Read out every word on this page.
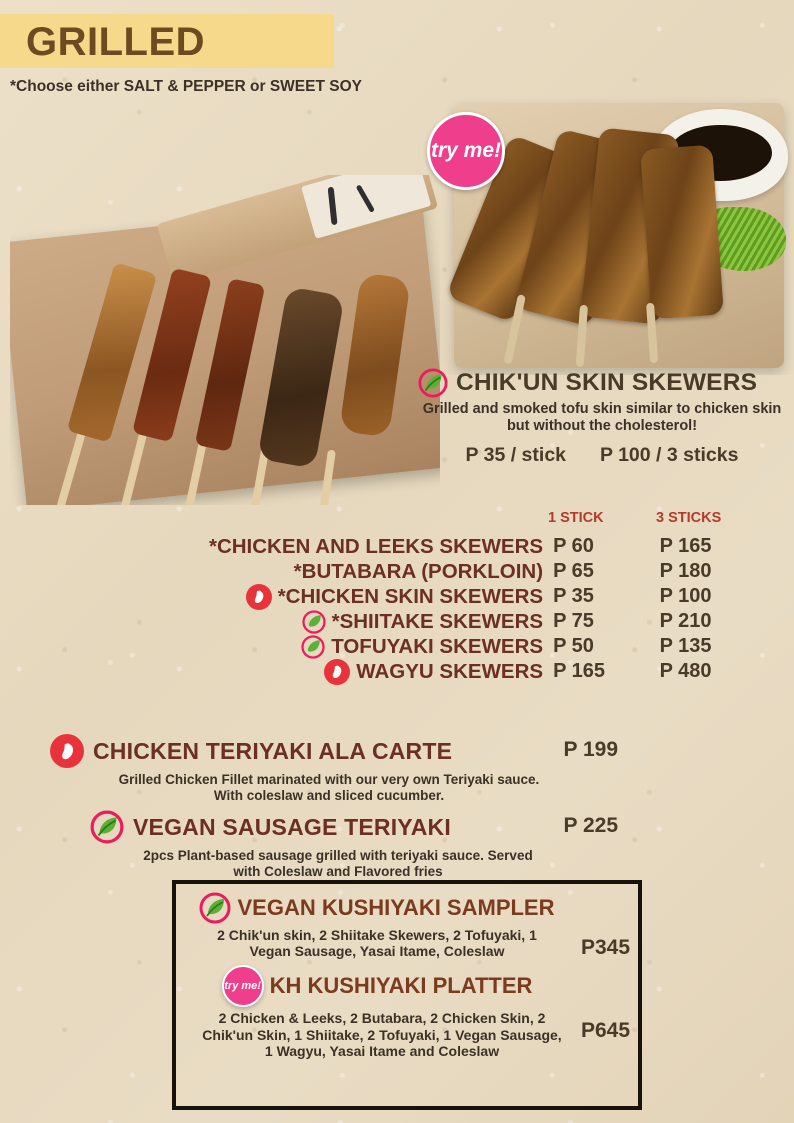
GRILLED
*Choose either SALT & PEPPER or SWEET SOY
try me!
CHIK'UN SKIN SKEWERS
Grilled and smoked tofu skin similar to chicken skin but without the cholesterol!
P 35 / stick P 100 / 3 sticks
1 STICK	3 STICKS
*CHICKEN AND LEEKS SKEWERS P 60	P 165
*BUTABARA (PORKLOIN) P 65	P 180
*CHICKEN SKIN SKEWERS P 35	P 100
*SHIITAKE SKEWERS P 75	P 210
TOFUYAKI SKEWERS P 50	P 135
WAGYU SKEWERS P 165	P 480
CHICKEN TERIYAKI ALA CARTE	P 199
Grilled Chicken Fillet marinated with our very own Teriyaki sauce. With coleslaw and sliced cucumber.
VEGAN SAUSAGE TERIYAKI	P 225
2pcs Plant-based sausage grilled with teriyaki sauce. Served with Coleslaw and Flavored fries
VEGAN KUSHIYAKI SAMPLER
2 Chik'un skin, 2 Shiitake Skewers, 2 Tofuyaki, 1 Vegan Sausage, Yasai Itame, Coleslaw	P345
try me! KH KUSHIYAKI PLATTER
2 Chicken & Leeks, 2 Butabara, 2 Chicken Skin, 2 Chik'un Skin, 1 Shiitake, 2 Tofuyaki, 1 Vegan Sausage, 1 Wagyu, Yasai Itame and Coleslaw
P645
